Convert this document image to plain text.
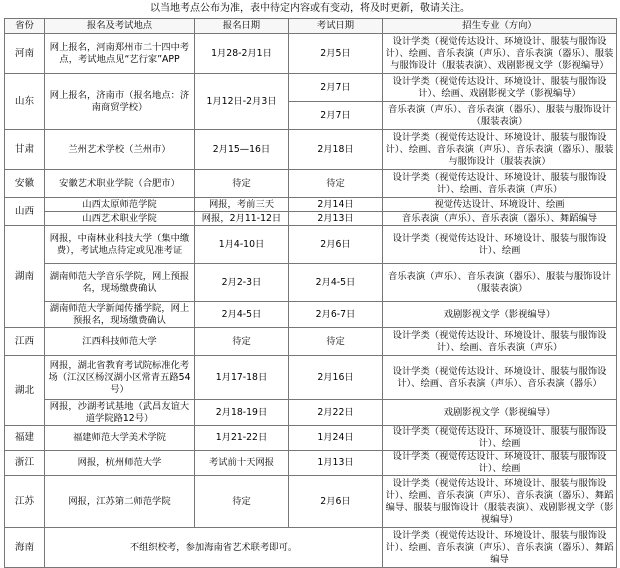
以当地考点公布为准，表中待定内容或有变动，将及时更新，敬请关注。
省份	报名及考试地点	报名日期	考试日期	招生专业（方向）
河南	网上报名，河南郑州市二十四中考点，考试地点见“艺行家”APP	1月28-2月1日	2月5日	设计学类（视觉传达设计、环境设计、服装与服饰设计）、绘画、音乐表演（声乐）、音乐表演（器乐）、服装与服饰设计（服装表演）、戏剧影视文学（影视编导）
山东	网上报名，济南市（报名地点：济南商贸学校）	1月12日-2月3日	2月7日	设计学类（视觉传达设计、环境设计、服装与服饰设计）、绘画、戏剧影视文学（影视编导）
			2月7日	音乐表演（声乐）、音乐表演（器乐）、服装与服饰设计（服装表演）
甘肃	兰州艺术学校（兰州市）	2月15—16日	2月18日	设计学类（视觉传达设计、环境设计、服装与服饰设计）、绘画、音乐表演（声乐）、音乐表演（器乐）、服装与服饰设计（服装表演）
安徽	安徽艺术职业学院（合肥市）	待定	待定	设计学类（视觉传达设计、环境设计、服装与服饰设计）、绘画、音乐表演（声乐）
山西	山西太原师范学院	网报，考前三天	2月14日	视觉传达设计、环境设计、绘画
	山西艺术职业学院	网报，2月11-12日	2月13日	音乐表演（声乐）、音乐表演（器乐）、舞蹈编导
湖南	网报，中南林业科技大学（集中缴费），考试地点待定或见准考证	1月4-10日	2月6日	设计学类（视觉传达设计、环境设计、服装与服饰设计）、绘画
	湖南师范大学音乐学院，网上预报名，现场缴费确认	2月2-3日	2月4-5日	音乐表演（声乐）、音乐表演（器乐）、服装与服饰设计（服装表演）
	湖南师范大学新闻传播学院，网上预报名，现场缴费确认	2月4-5日	2月6-7日	戏剧影视文学（影视编导）
江西	江西科技师范大学	待定	待定	设计学类（视觉传达设计、环境设计、服装与服饰设计）、绘画、音乐表演（声乐）
湖北	网报，湖北省教育考试院标准化考场（江汉区杨汊湖小区常青五路54号）	1月17-18日	2月16日	设计学类（视觉传达设计、环境设计、服装与服饰设计）、绘画、音乐表演（声乐）、音乐表演（器乐）
	网报，沙湖考试基地（武昌友谊大道学院路12号）	2月18-19日	2月22日	戏剧影视文学（影视编导）
福建	福建师范大学美术学院	1月21-22日	1月24日	设计学类（视觉传达设计、环境设计、服装与服饰设计）、绘画
浙江	网报，杭州师范大学	考试前十天网报	1月13日	设计学类（视觉传达设计、环境设计、服装与服饰设计）、绘画
江苏	网报，江苏第二师范学院	待定	2月6日	设计学类（视觉传达设计、环境设计、服装与服饰设计）、绘画、音乐表演（声乐）、音乐表演（器乐）、舞蹈编导、服装与服饰设计（服装表演）、戏剧影视文学（影视编导）
海南	不组织校考，参加海南省艺术联考即可。			设计学类（视觉传达设计、环境设计、服装与服饰设计）、绘画、音乐表演（声乐）、音乐表演（器乐）、舞蹈编导
